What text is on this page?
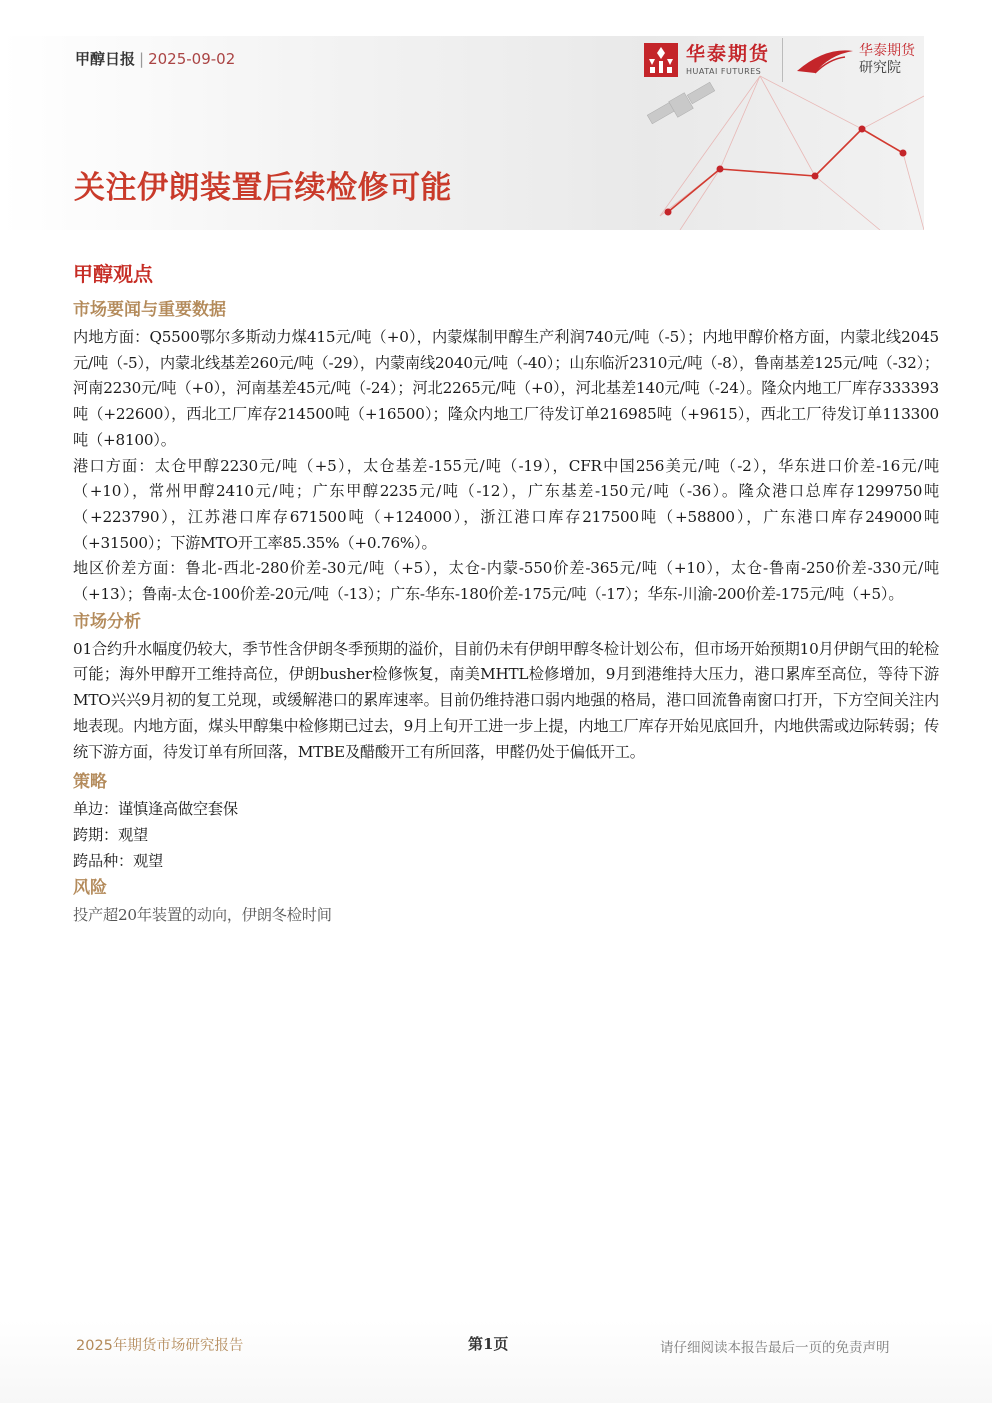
甲醇日报 | 2025-09-02	华泰期货
HUATAI FUTURES
华泰期货
研究院
关注伊朗装置后续检修可能
甲醇观点
市场要闻与重要数据

内地方面：Q5500鄂尔多斯动力煤415元/吨（+0），内蒙煤制甲醇生产利润740元/吨（-5）；内地甲醇价格方面，内蒙北线2045元/吨（-5），内蒙北线基差260元/吨（-29），内蒙南线2040元/吨（-40）；山东临沂2310元/吨（-8），鲁南基差125元/吨（-32）；河南2230元/吨（+0），河南基差45元/吨（-24）；河北2265元/吨（+0），河北基差140元/吨（-24）。隆众内地工厂库存333393吨（+22600），西北工厂库存214500吨（+16500）；隆众内地工厂待发订单216985吨（+9615），西北工厂待发订单113300吨（+8100）。

港口方面：太仓甲醇2230元/吨（+5），太仓基差-155元/吨（-19），CFR中国256美元/吨（-2），华东进口价差-16元/吨（+10），常州甲醇2410元/吨；广东甲醇2235元/吨（-12），广东基差-150元/吨（-36）。隆众港口总库存1299750吨（+223790），江苏港口库存671500吨（+124000），浙江港口库存217500吨（+58800），广东港口库存249000吨（+31500）；下游MTO开工率85.35%（+0.76%）。

地区价差方面：鲁北-西北-280价差-30元/吨（+5），太仓-内蒙-550价差-365元/吨（+10），太仓-鲁南-250价差-330元/吨（+13）；鲁南-太仓-100价差-20元/吨（-13）；广东-华东-180价差-175元/吨（-17）；华东-川渝-200价差-175元/吨（+5）。

市场分析

01合约升水幅度仍较大，季节性含伊朗冬季预期的溢价，目前仍未有伊朗甲醇冬检计划公布，但市场开始预期10月伊朗气田的轮检可能；海外甲醇开工维持高位，伊朗busher检修恢复，南美MHTL检修增加，9月到港维持大压力，港口累库至高位，等待下游MTO兴兴9月初的复工兑现，或缓解港口的累库速率。目前仍维持港口弱内地强的格局，港口回流鲁南窗口打开，下方空间关注内地表现。内地方面，煤头甲醇集中检修期已过去，9月上旬开工进一步上提，内地工厂库存开始见底回升，内地供需或边际转弱；传统下游方面，待发订单有所回落，MTBE及醋酸开工有所回落，甲醛仍处于偏低开工。

策略

单边：谨慎逢高做空套保

跨期：观望

跨品种：观望

风险

投产超20年装置的动向，伊朗冬检时间

2025年期货市场研究报告	第1页	请仔细阅读本报告最后一页的免责声明
